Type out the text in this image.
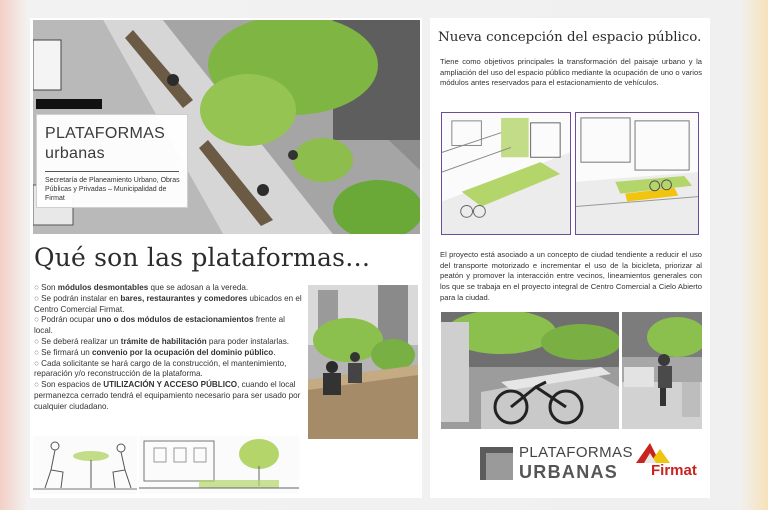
PLATAFORMAS
urbanas
Secretaría de Planeamiento Urbano, Obras Públicas y Privadas – Municipalidad de Firmat
Qué son las plataformas…

○ Son módulos desmontables que se adosan a la vereda.

○ Se podrán instalar en bares, restaurantes y comedores ubicados en el Centro Comercial Firmat.

○ Podrán ocupar uno o dos módulos de estacionamientos frente al local.

○ Se deberá realizar un trámite de habilitación para poder instalarlas.

○ Se firmará un convenio por la ocupación del dominio público.

○ Cada solicitante se hará cargo de la construcción, el mantenimiento, reparación y/o reconstrucción de la plataforma.

○ Son espacios de UTILIZACIÓN Y ACCESO PÚBLICO, cuando el local permanezca cerrado tendrá el equipamiento necesario para ser usado por cualquier ciudadano.

Nueva concepción del espacio público.
Tiene como objetivos principales la transformación del paisaje urbano y la ampliación del uso del espacio público mediante la ocupación de uno o varios módulos antes reservados para el estacionamiento de vehículos.
El proyecto está asociado a un concepto de ciudad tendiente a reducir el uso del transporte motorizado e incrementar el uso de la bicicleta, priorizar al peatón y promover la interacción entre vecinos, lineamientos generales con los que se trabaja en el proyecto integral de Centro Comercial a Cielo Abierto para la ciudad.
PLATAFORMAS
URBANAS Firmat
